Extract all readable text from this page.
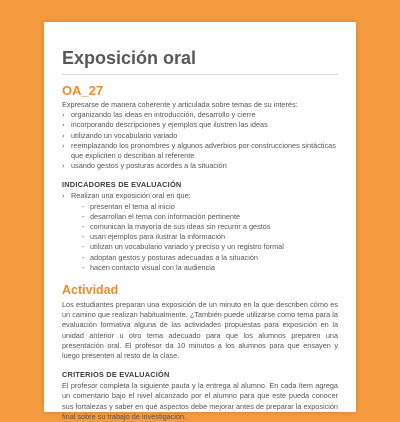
Exposición oral
OA_27

Expresarse de manera coherente y articulada sobre temas de su interés:

› organizando las ideas en introducción, desarrollo y cierre
› incorporando descripciones y ejemplos que ilustren las ideas
› utilizando un vocabulario variado
› reemplazando los pronombres y algunos adverbios por construcciones sintácticas que expliciten o describan al referente
› usando gestos y posturas acordes a la situación
INDICADORES DE EVALUACIÓN
› Realizan una exposición oral en que:
- presentan el tema al inicio
- desarrollan el tema con información pertinente
- comunican la mayoría de sus ideas sin recurrir a gestos
- usan ejemplos para ilustrar la información
- utilizan un vocabulario variado y preciso y un registro formal
- adoptan gestos y posturas adecuadas a la situación
- hacen contacto visual con la audiencia
Actividad

Los estudiantes preparan una exposición de un minuto en la que describen cómo es un camino que realizan habitualmente. ¿También puede utilizarse como tema para la evaluación formativa alguna de las actividades propuestas para exposición en la unidad anterior u otro tema adecuado para que los alumnos preparen una presentación oral. El profesor da 10 minutos a los alumnos para que ensayen y luego presenten al resto de la clase.

CRITERIOS DE EVALUACIÓN

El profesor completa la siguiente pauta y la entrega al alumno. En cada ítem agrega un comentario bajo el nivel alcanzado por el alumno para que este pueda conocer sus fortalezas y saber en qué aspectos debe mejorar antes de preparar la exposición final sobre su trabajo de investigación.
